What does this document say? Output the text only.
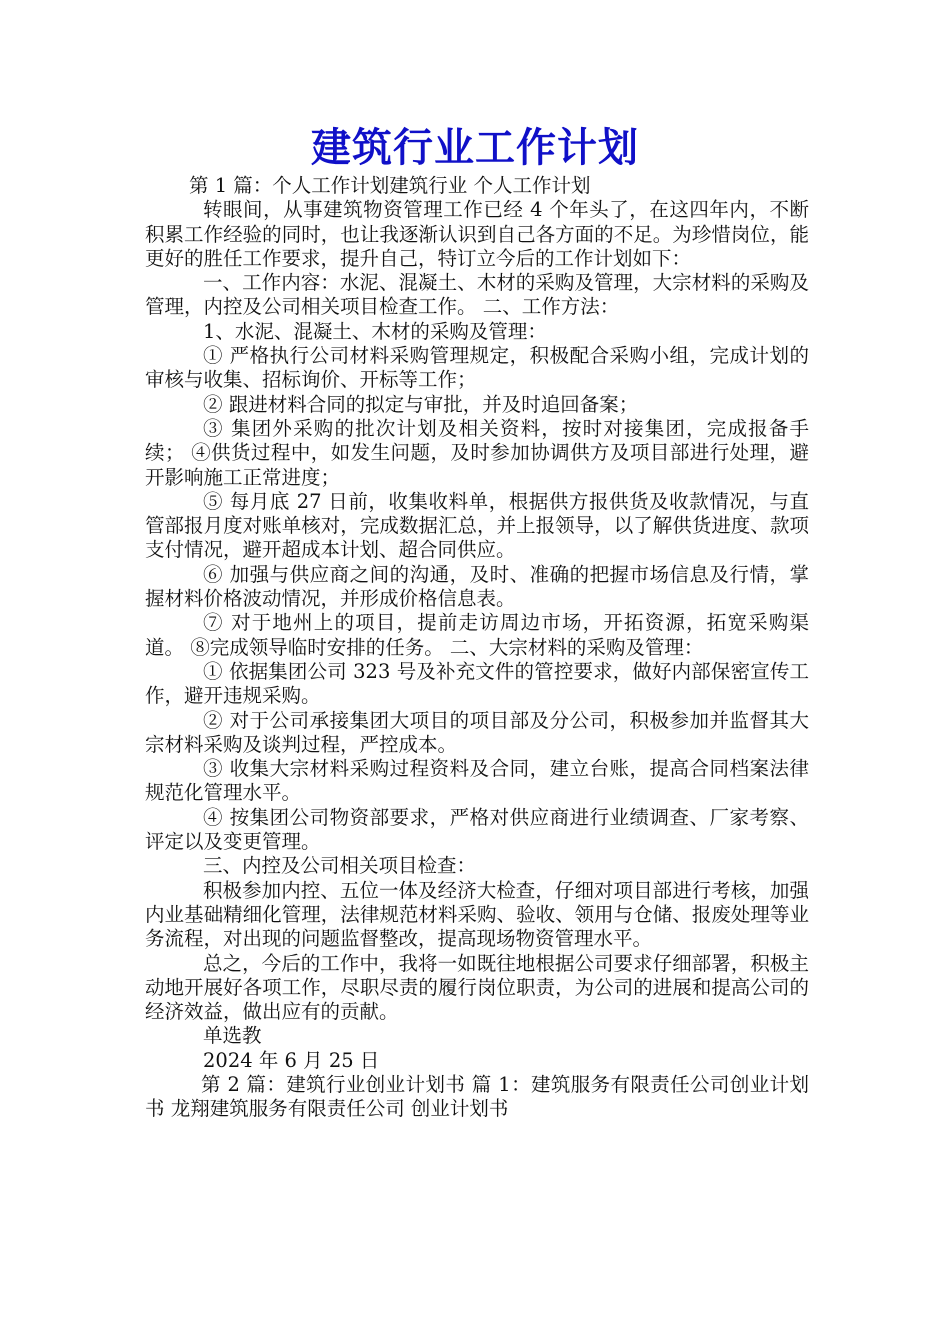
建筑行业工作计划

第 1 篇：个人工作计划建筑行业 个人工作计划

转眼间，从事建筑物资管理工作已经 4 个年头了，在这四年内，不断积累工作经验的同时，也让我逐渐认识到自己各方面的不足。为珍惜岗位，能更好的胜任工作要求，提升自己，特订立今后的工作计划如下：

一、工作内容：水泥、混凝土、木材的采购及管理，大宗材料的采购及管理，内控及公司相关项目检查工作。 二、工作方法：

1、水泥、混凝土、木材的采购及管理：

① 严格执行公司材料采购管理规定，积极配合采购小组，完成计划的审核与收集、招标询价、开标等工作；

② 跟进材料合同的拟定与审批，并及时追回备案；

③ 集团外采购的批次计划及相关资料，按时对接集团，完成报备手续； ④供货过程中，如发生问题，及时参加协调供方及项目部进行处理，避开影响施工正常进度；

⑤ 每月底 27 日前，收集收料单，根据供方报供货及收款情况，与直管部报月度对账单核对，完成数据汇总，并上报领导，以了解供货进度、款项支付情况，避开超成本计划、超合同供应。

⑥ 加强与供应商之间的沟通，及时、准确的把握市场信息及行情，掌握材料价格波动情况，并形成价格信息表。

⑦ 对于地州上的项目，提前走访周边市场，开拓资源，拓宽采购渠道。 ⑧完成领导临时安排的任务。 二、大宗材料的采购及管理：

① 依据集团公司 323 号及补充文件的管控要求，做好内部保密宣传工作，避开违规采购。

② 对于公司承接集团大项目的项目部及分公司，积极参加并监督其大宗材料采购及谈判过程，严控成本。

③ 收集大宗材料采购过程资料及合同，建立台账，提高合同档案法律规范化管理水平。

④ 按集团公司物资部要求，严格对供应商进行业绩调查、厂家考察、评定以及变更管理。

三、内控及公司相关项目检查：

积极参加内控、五位一体及经济大检查，仔细对项目部进行考核，加强内业基础精细化管理，法律规范材料采购、验收、领用与仓储、报废处理等业务流程，对出现的问题监督整改，提高现场物资管理水平。

总之，今后的工作中，我将一如既往地根据公司要求仔细部署，积极主动地开展好各项工作，尽职尽责的履行岗位职责，为公司的进展和提高公司的经济效益，做出应有的贡献。

单选教

2024 年 6 月 25 日

第 2 篇：建筑行业创业计划书 篇 1：建筑服务有限责任公司创业计划书 龙翔建筑服务有限责任公司 创业计划书
